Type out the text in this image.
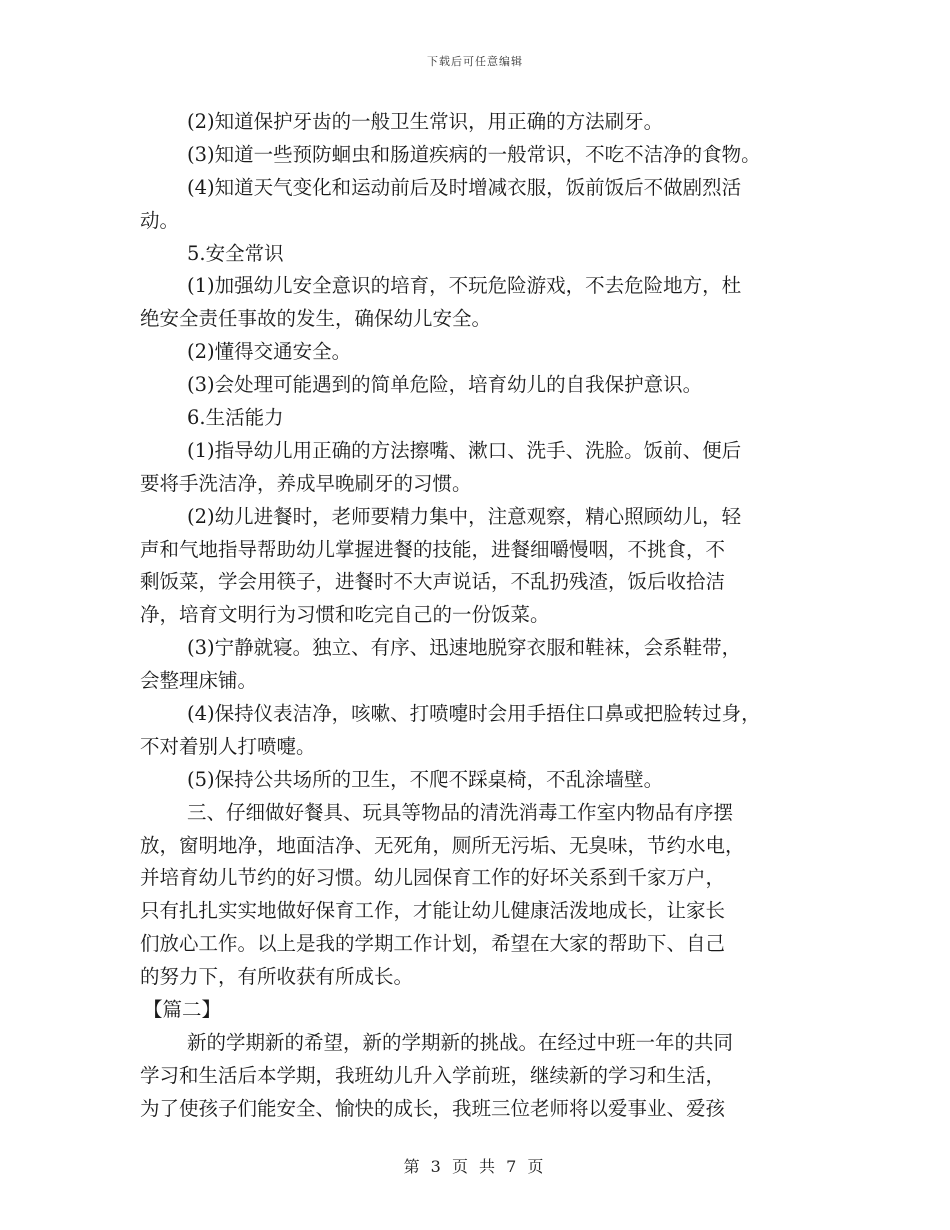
下载后可任意编辑
(2)知道保护牙齿的一般卫生常识，用正确的方法刷牙。
(3)知道一些预防蛔虫和肠道疾病的一般常识，不吃不洁净的食物。
(4)知道天气变化和运动前后及时增减衣服，饭前饭后不做剧烈活
动。
5.安全常识
(1)加强幼儿安全意识的培育，不玩危险游戏，不去危险地方，杜
绝安全责任事故的发生，确保幼儿安全。
(2)懂得交通安全。
(3)会处理可能遇到的简单危险，培育幼儿的自我保护意识。
6.生活能力
(1)指导幼儿用正确的方法擦嘴、漱口、洗手、洗脸。饭前、便后
要将手洗洁净，养成早晚刷牙的习惯。
(2)幼儿进餐时，老师要精力集中，注意观察，精心照顾幼儿，轻
声和气地指导帮助幼儿掌握进餐的技能，进餐细嚼慢咽，不挑食，不
剩饭菜，学会用筷子，进餐时不大声说话，不乱扔残渣，饭后收拾洁
净，培育文明行为习惯和吃完自己的一份饭菜。
(3)宁静就寝。独立、有序、迅速地脱穿衣服和鞋袜，会系鞋带，
会整理床铺。
(4)保持仪表洁净，咳嗽、打喷嚏时会用手捂住口鼻或把脸转过身，
不对着别人打喷嚏。
(5)保持公共场所的卫生，不爬不踩桌椅，不乱涂墙壁。
三、仔细做好餐具、玩具等物品的清洗消毒工作室内物品有序摆
放，窗明地净，地面洁净、无死角，厕所无污垢、无臭味，节约水电，
并培育幼儿节约的好习惯。幼儿园保育工作的好坏关系到千家万户，
只有扎扎实实地做好保育工作，才能让幼儿健康活泼地成长，让家长
们放心工作。以上是我的学期工作计划，希望在大家的帮助下、自己
的努力下，有所收获有所成长。
【篇二】
新的学期新的希望，新的学期新的挑战。在经过中班一年的共同
学习和生活后本学期，我班幼儿升入学前班，继续新的学习和生活，
为了使孩子们能安全、愉快的成长，我班三位老师将以爱事业、爱孩
第 3 页 共 7 页
